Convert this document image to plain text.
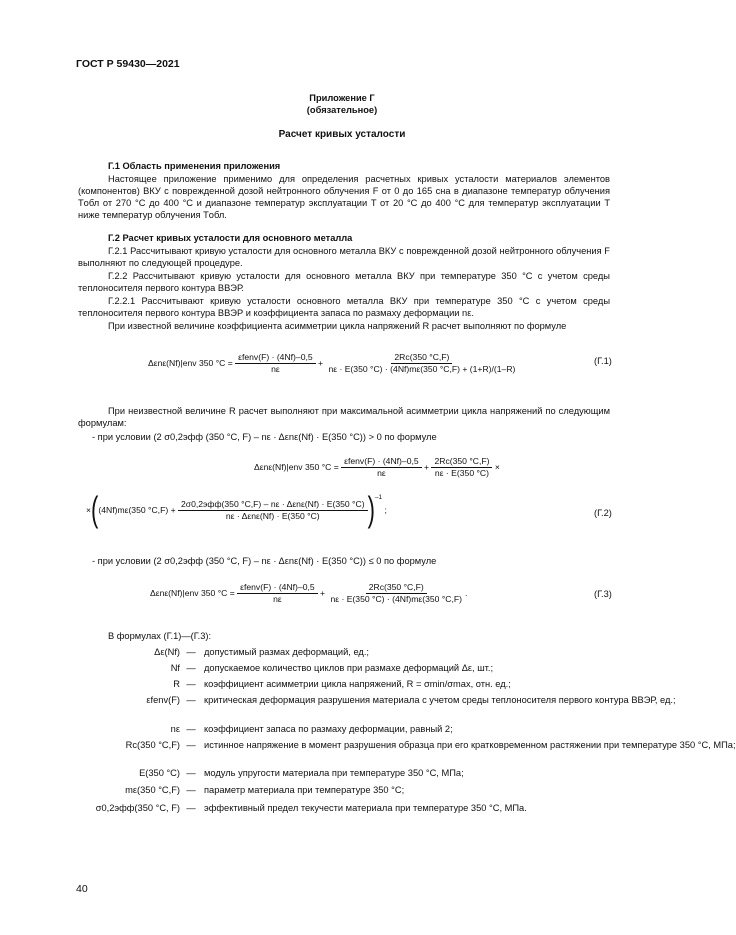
ГОСТ Р 59430—2021
Приложение Г
(обязательное)
Расчет кривых усталости
Г.1 Область применения приложения
Настоящее приложение применимо для определения расчетных кривых усталости материалов элементов (компонентов) ВКУ с поврежденной дозой нейтронного облучения F от 0 до 165 сна в диапазоне температур облучения Tобл от 270 °С до 400 °С и диапазоне температур эксплуатации T от 20 °С до 400 °С для температур эксплуатации T ниже температур облучения Tобл.
Г.2 Расчет кривых усталости для основного металла
Г.2.1 Рассчитывают кривую усталости для основного металла ВКУ с поврежденной дозой нейтронного облучения F выполняют по следующей процедуре.
Г.2.2 Рассчитывают кривую усталости для основного металла ВКУ при температуре 350 °С с учетом среды теплоносителя первого контура ВВЭР.
Г.2.2.1 Рассчитывают кривую усталости основного металла ВКУ при температуре 350 °С с учетом среды теплоносителя первого контура ВВЭР и коэффициента запаса по размаху деформации nε.
При известной величине коэффициента асимметрии цикла напряжений R расчет выполняют по формуле
Δεnε(Nf)|env 350 °С =
$\frac{\text{εfenv(F) · (4Nf)–0,5}}{n\varepsilon} + \frac{2Rc(350 ^\circ С,F)}{n\varepsilon \cdot E(350 ^\circ С) \cdot (4Nf)m\varepsilon(350 ^\circ С,F) + (1+R)/(1-R)}$	(Г.1)
При неизвестной величине R расчет выполняют при максимальной асимметрии цикла напряжений по следующим формулам:
- при условии (2 σ0,2эфф (350 °С, F) – nε · Δεnε(Nf) · E(350 °С)) > 0 по формуле
Δεnε(Nf)|env 350 °С =
$\frac{\text{εfenv(F) · (4Nf)–0,5}}{n\varepsilon} + \frac{2Rc(350 ^\circ С,F)}{n\varepsilon \cdot E(350 ^\circ С)}$ ×
× ( (4Nf)mε(350 °С,F) +
$\frac{\text{2σ0,2эфф(350 °С,F) – nε · Δεnε(Nf) · E(350 °С)}}{\text{nε · Δεnε(Nf) · E(350 °С)}} )^{-1}$
;	(Г.2)
- при условии (2 σ0,2эфф (350 °С, F) – nε · Δεnε(Nf) · E(350 °С)) ≤ 0 по формуле
Δεnε(Nf)|env 350 °С =
$\frac{\text{εfenv(F) · (4Nf)–0,5}}{n\varepsilon} + \frac{2Rc(350 ^\circ С,F)}{n\varepsilon \cdot E(350 ^\circ С) \cdot (4Nf)m\varepsilon(350 ^\circ С,F)}$ .	(Г.3)
В формулах (Г.1)—(Г.3):
Δε(Nf) — допустимый размах деформаций, ед.;
Nf — допускаемое количество циклов при размахе деформаций Δε, шт.;
R — коэффициент асимметрии цикла напряжений, R = σmin/σmax, отн. ед.;
εfenv(F) — критическая деформация разрушения материала с учетом среды теплоносителя первого контура ВВЭР, ед.;
nε — коэффициент запаса по размаху деформации, равный 2;
Rc(350 °С,F) — истинное напряжение в момент разрушения образца при его кратковременном растяжении при температуре 350 °С, МПа;
E(350 °С) — модуль упругости материала при температуре 350 °С, МПа;
mε(350 °С,F) — параметр материала при температуре 350 °С;
σ0,2эфф(350 °С, F) — эффективный предел текучести материала при температуре 350 °С, МПа.
40
